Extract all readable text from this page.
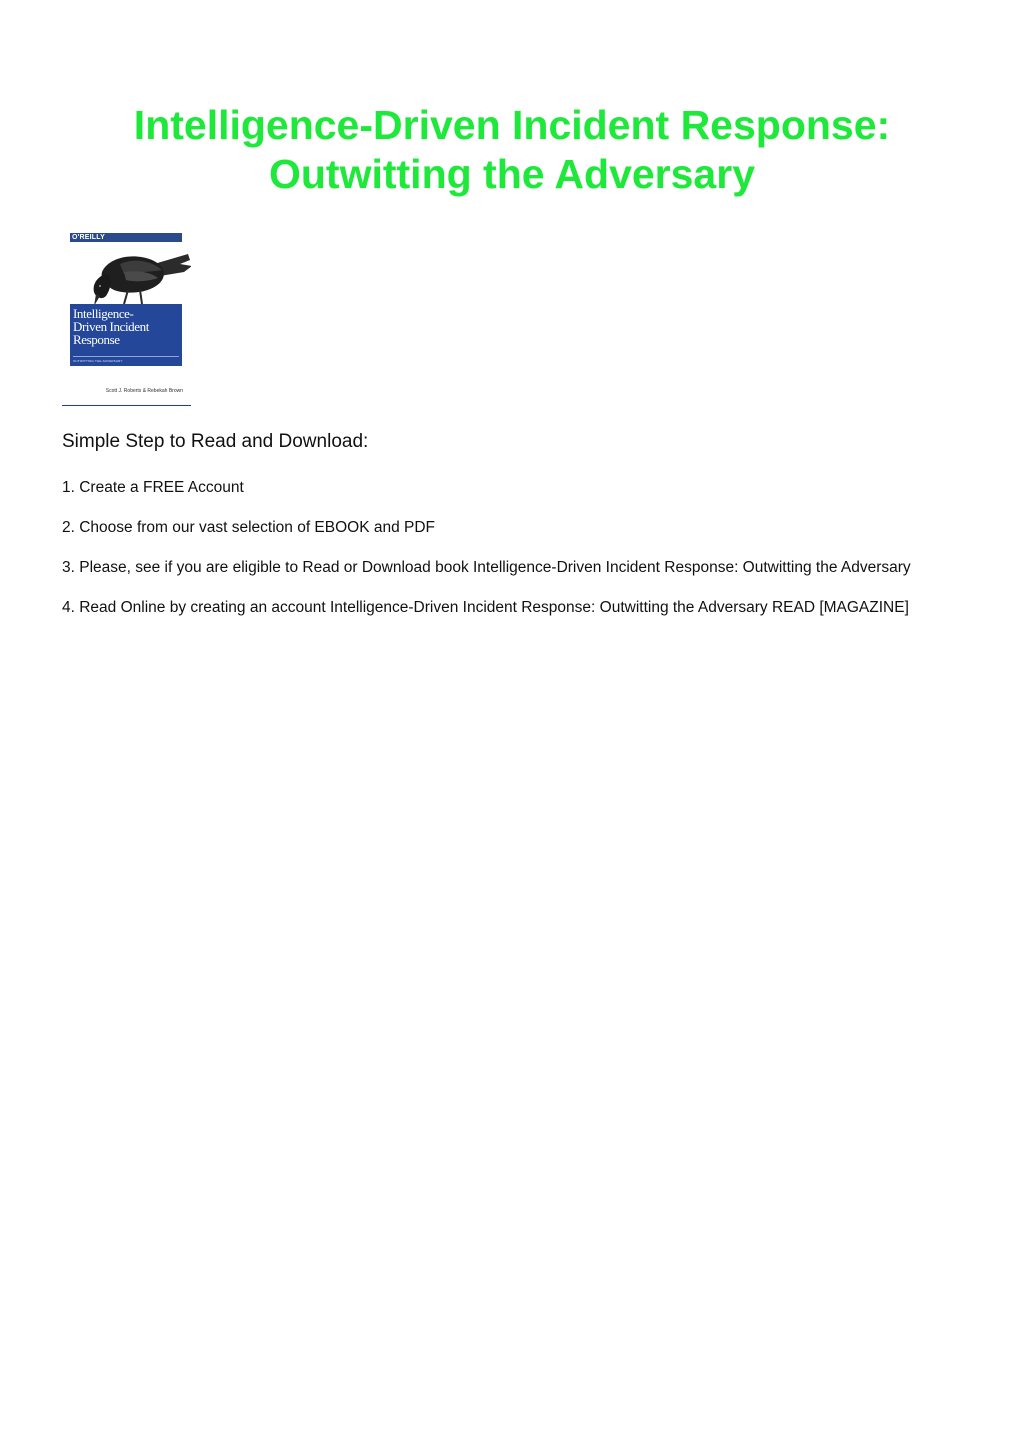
Intelligence-Driven Incident Response: Outwitting the Adversary
O'REILLY
Intelligence-
Driven Incident
Response
OUTWITTING THE ADVERSARY
Scott J. Roberts & Rebekah Brown
Simple Step to Read and Download:
1. Create a FREE Account
2. Choose from our vast selection of EBOOK and PDF
3. Please, see if you are eligible to Read or Download book Intelligence-Driven Incident Response: Outwitting the Adversary
4. Read Online by creating an account Intelligence-Driven Incident Response: Outwitting the Adversary READ [MAGAZINE]
